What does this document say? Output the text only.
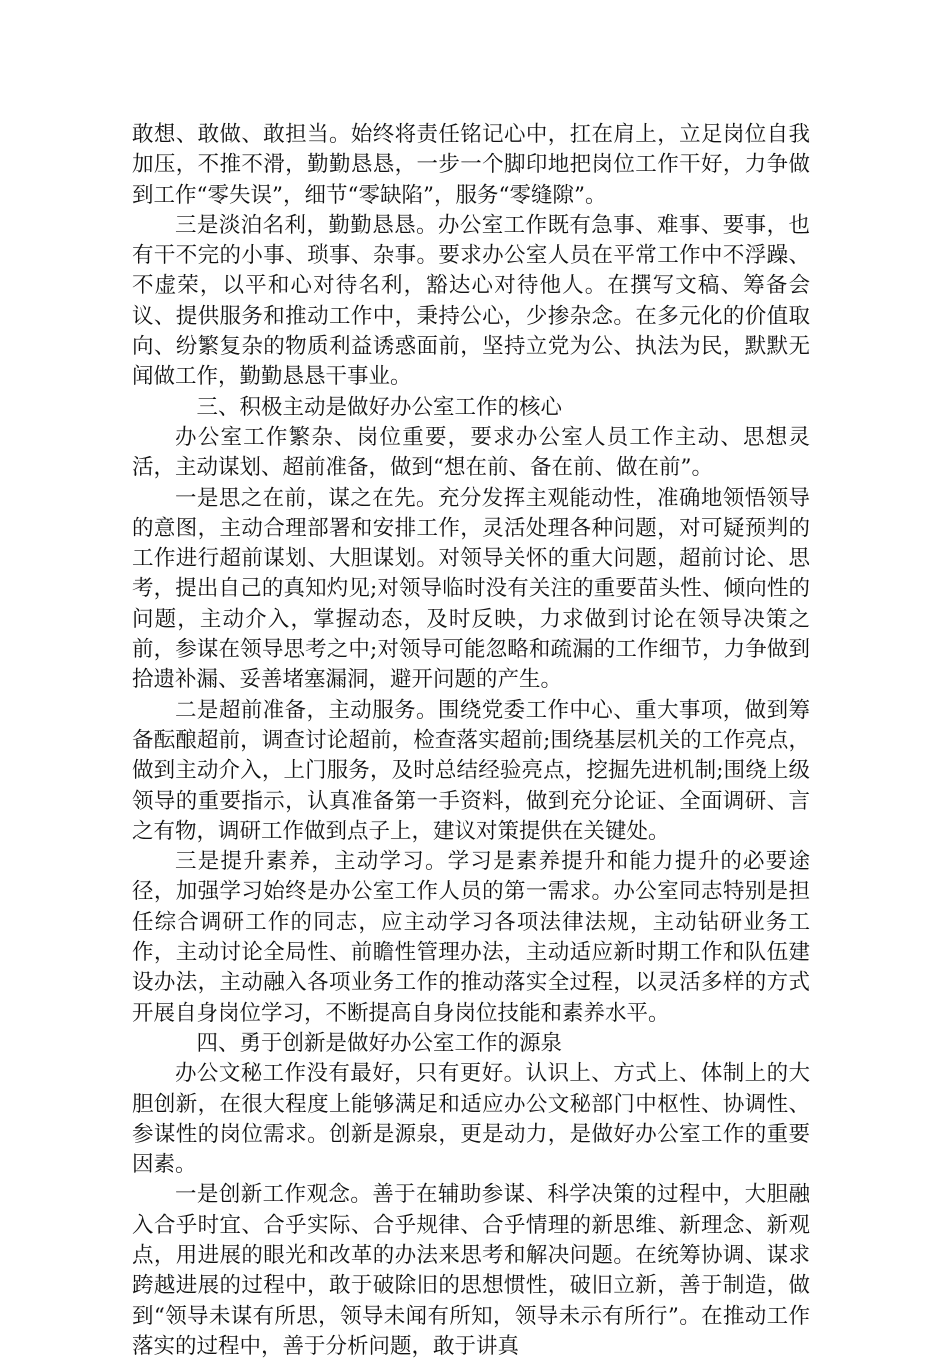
敢想、敢做、敢担当。始终将责任铭记心中，扛在肩上，立足岗位自我加压，不推不滑，勤勤恳恳，一步一个脚印地把岗位工作干好，力争做到工作“零失误”，细节“零缺陷”，服务“零缝隙”。

三是淡泊名利，勤勤恳恳。办公室工作既有急事、难事、要事，也有干不完的小事、琐事、杂事。要求办公室人员在平常工作中不浮躁、不虚荣，以平和心对待名利，豁达心对待他人。在撰写文稿、筹备会议、提供服务和推动工作中，秉持公心，少掺杂念。在多元化的价值取向、纷繁复杂的物质利益诱惑面前，坚持立党为公、执法为民，默默无闻做工作，勤勤恳恳干事业。

三、积极主动是做好办公室工作的核心

办公室工作繁杂、岗位重要，要求办公室人员工作主动、思想灵活，主动谋划、超前准备，做到“想在前、备在前、做在前”。

一是思之在前，谋之在先。充分发挥主观能动性，准确地领悟领导的意图，主动合理部署和安排工作，灵活处理各种问题，对可疑预判的工作进行超前谋划、大胆谋划。对领导关怀的重大问题，超前讨论、思考，提出自己的真知灼见;对领导临时没有关注的重要苗头性、倾向性的问题，主动介入，掌握动态，及时反映，力求做到讨论在领导决策之前，参谋在领导思考之中;对领导可能忽略和疏漏的工作细节，力争做到拾遗补漏、妥善堵塞漏洞，避开问题的产生。

二是超前准备，主动服务。围绕党委工作中心、重大事项，做到筹备酝酿超前，调查讨论超前，检查落实超前;围绕基层机关的工作亮点，做到主动介入，上门服务，及时总结经验亮点，挖掘先进机制;围绕上级领导的重要指示，认真准备第一手资料，做到充分论证、全面调研、言之有物，调研工作做到点子上，建议对策提供在关键处。

三是提升素养，主动学习。学习是素养提升和能力提升的必要途径，加强学习始终是办公室工作人员的第一需求。办公室同志特别是担任综合调研工作的同志，应主动学习各项法律法规，主动钻研业务工作，主动讨论全局性、前瞻性管理办法，主动适应新时期工作和队伍建设办法，主动融入各项业务工作的推动落实全过程，以灵活多样的方式开展自身岗位学习，不断提高自身岗位技能和素养水平。

四、勇于创新是做好办公室工作的源泉

办公文秘工作没有最好，只有更好。认识上、方式上、体制上的大胆创新，在很大程度上能够满足和适应办公文秘部门中枢性、协调性、参谋性的岗位需求。创新是源泉，更是动力，是做好办公室工作的重要因素。

一是创新工作观念。善于在辅助参谋、科学决策的过程中，大胆融入合乎时宜、合乎实际、合乎规律、合乎情理的新思维、新理念、新观点，用进展的眼光和改革的办法来思考和解决问题。在统筹协调、谋求跨越进展的过程中，敢于破除旧的思想惯性，破旧立新，善于制造，做到“领导未谋有所思，领导未闻有所知，领导未示有所行”。在推动工作落实的过程中，善于分析问题，敢于讲真
